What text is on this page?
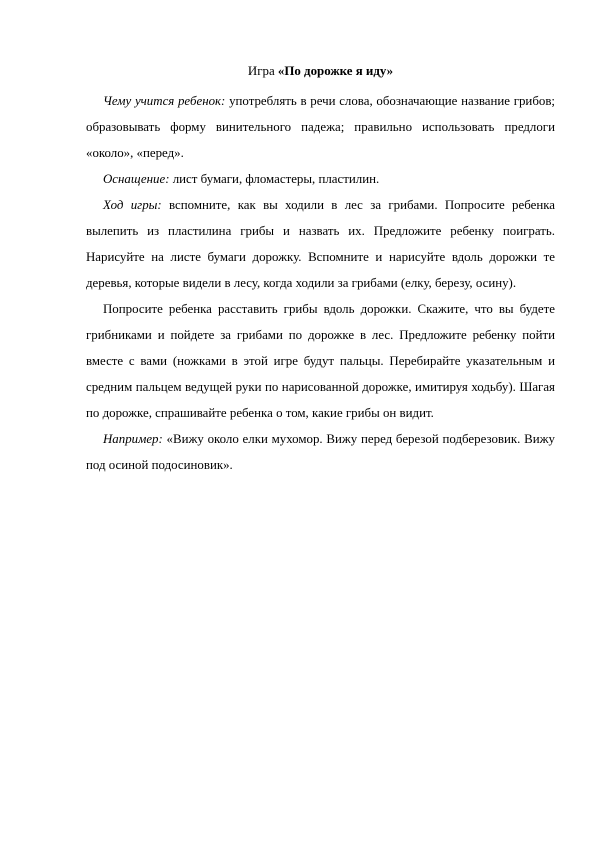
Игра «По дорожке я иду»

Чему учится ребенок: употреблять в речи слова, обозначающие название грибов; образовывать форму винительного падежа; правильно использовать предлоги «около», «перед».

Оснащение: лист бумаги, фломастеры, пластилин.

Ход игры: вспомните, как вы ходили в лес за грибами. Попросите ребенка вылепить из пластилина грибы и назвать их. Предложите ребенку поиграть. Нарисуйте на листе бумаги дорожку. Вспомните и нарисуйте вдоль дорожки те деревья, которые видели в лесу, когда ходили за грибами (елку, березу, осину).

Попросите ребенка расставить грибы вдоль дорожки. Скажите, что вы будете грибниками и пойдете за грибами по дорожке в лес. Предложите ребенку пойти вместе с вами (ножками в этой игре будут пальцы. Перебирайте указательным и средним пальцем ведущей руки по нарисованной дорожке, имитируя ходьбу). Шагая по дорожке, спрашивайте ребенка о том, какие грибы он видит.

Например: «Вижу около елки мухомор. Вижу перед березой подберезовик. Вижу под осиной подосиновик».
